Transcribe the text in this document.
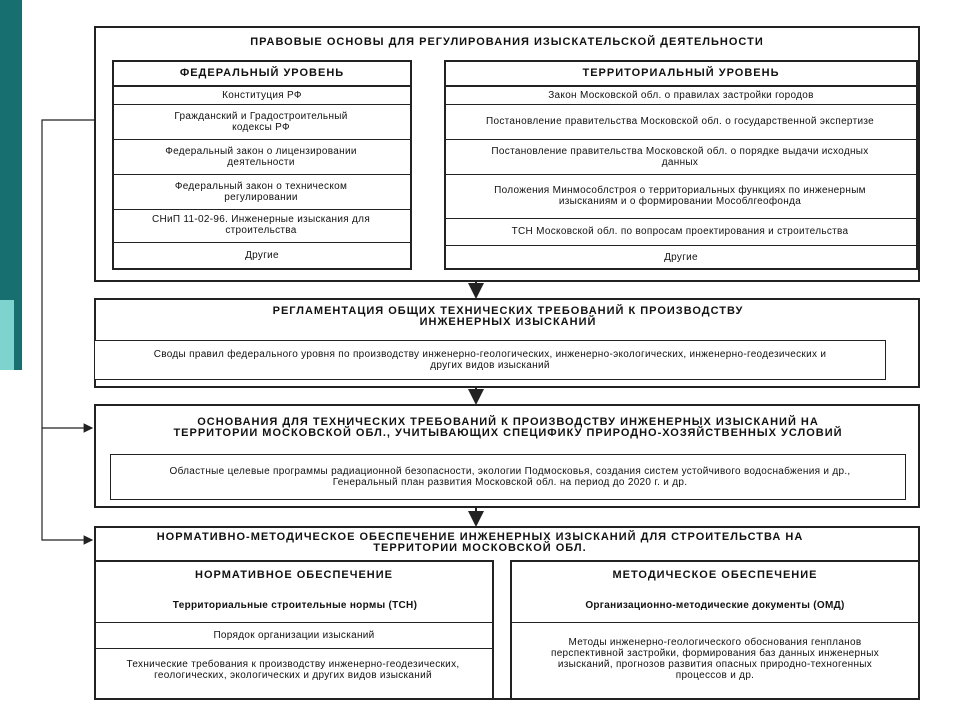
ПРАВОВЫЕ ОСНОВЫ ДЛЯ РЕГУЛИРОВАНИЯ ИЗЫСКАТЕЛЬСКОЙ ДЕЯТЕЛЬНОСТИ
ФЕДЕРАЛЬНЫЙ УРОВЕНЬ
Конституция РФ
Гражданский и Градостроительный кодексы РФ
Федеральный закон о лицензировании деятельности
Федеральный закон о техническом регулировании
СНиП 11-02-96. Инженерные изыскания для строительства
Другие
ТЕРРИТОРИАЛЬНЫЙ УРОВЕНЬ
Закон Московской обл. о правилах застройки городов
Постановление правительства Московской обл. о государственной экспертизе
Постановление правительства Московской обл. о порядке выдачи исходных данных
Положения Минмособлстроя о территориальных функциях по инженерным изысканиям и о формировании Мособлгеофонда
ТСН Московской обл. по вопросам проектирования и строительства
Другие
РЕГЛАМЕНТАЦИЯ ОБЩИХ ТЕХНИЧЕСКИХ ТРЕБОВАНИЙ К ПРОИЗВОДСТВУ ИНЖЕНЕРНЫХ ИЗЫСКАНИЙ
Своды правил федерального уровня по производству инженерно-геологических, инженерно-экологических, инженерно-геодезических и других видов изысканий
ОСНОВАНИЯ ДЛЯ ТЕХНИЧЕСКИХ ТРЕБОВАНИЙ К ПРОИЗВОДСТВУ ИНЖЕНЕРНЫХ ИЗЫСКАНИЙ НА ТЕРРИТОРИИ МОСКОВСКОЙ ОБЛ., УЧИТЫВАЮЩИХ СПЕЦИФИКУ ПРИРОДНО-ХОЗЯЙСТВЕННЫХ УСЛОВИЙ
Областные целевые программы радиационной безопасности, экологии Подмосковья, создания систем устойчивого водоснабжения и др., Генеральный план развития Московской обл. на период до 2020 г. и др.
НОРМАТИВНО-МЕТОДИЧЕСКОЕ ОБЕСПЕЧЕНИЕ ИНЖЕНЕРНЫХ ИЗЫСКАНИЙ ДЛЯ СТРОИТЕЛЬСТВА НА ТЕРРИТОРИИ МОСКОВСКОЙ ОБЛ.
НОРМАТИВНОЕ ОБЕСПЕЧЕНИЕ
Территориальные строительные нормы (ТСН)
Порядок организации изысканий
Технические требования к производству инженерно-геодезических, геологических, экологических и других видов изысканий
МЕТОДИЧЕСКОЕ ОБЕСПЕЧЕНИЕ
Организационно-методические документы (ОМД)
Методы инженерно-геологического обоснования генпланов перспективной застройки, формирования баз данных инженерных изысканий, прогнозов развития опасных природно-техногенных процессов и др.
